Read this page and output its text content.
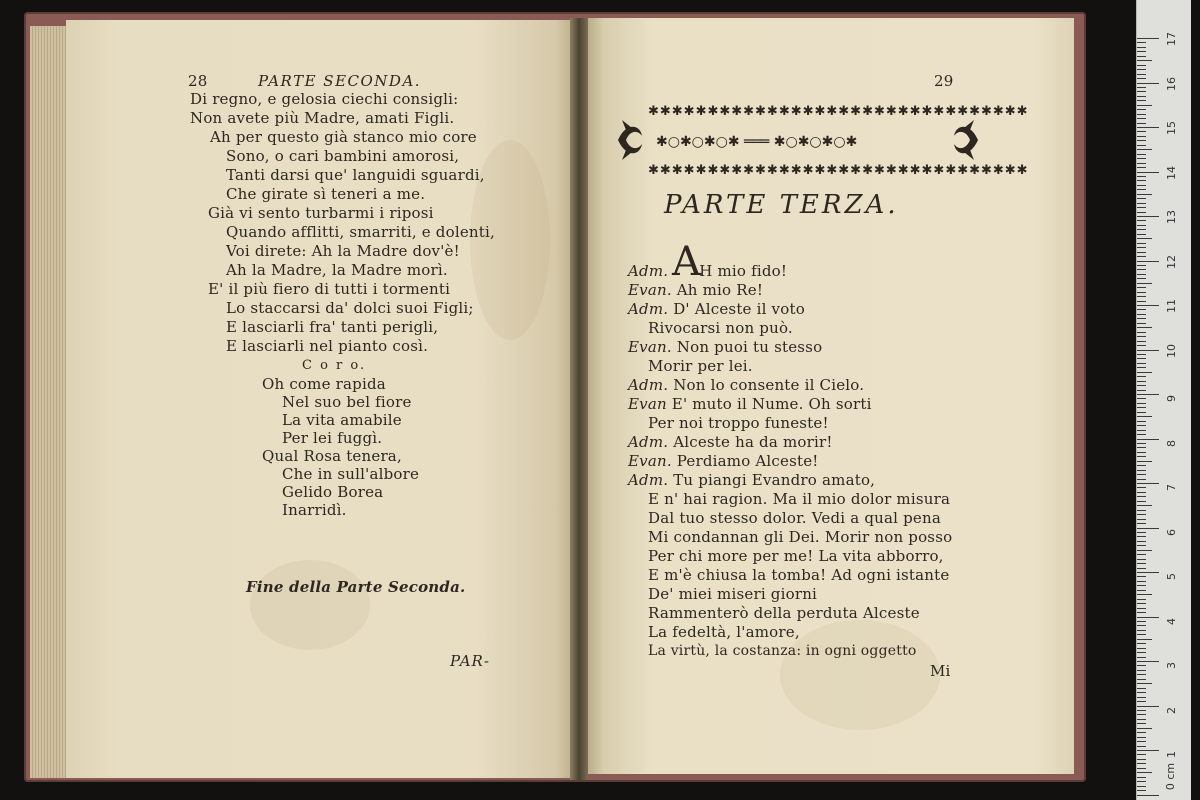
28	PARTE SECONDA.
Di regno, e gelosia ciechi consigli:
Non avete più Madre, amati Figli.
Ah per questo già stanco mio core
Sono, o cari bambini amorosi,
Tanti darsi que' languidi sguardi,
Che girate sì teneri a me.
Già vi sento turbarmi i riposi
Quando afflitti, smarriti, e dolenti,
Voi direte: Ah la Madre dov'è!
Ah la Madre, la Madre morì.
E' il più fiero di tutti i tormenti
Lo staccarsi da' dolci suoi Figli;
E lasciarli fra' tanti perigli,
E lasciarli nel pianto così.
C o r o.
Oh come rapida
Nel suo bel fiore
La vita amabile
Per lei fuggì.
Qual Rosa tenera,
Che in sull'albore
Gelido Borea
Inarridì.
Fine della Parte Seconda.
PAR-
29
✱✱✱✱✱✱✱✱✱✱✱✱✱✱✱✱✱✱✱✱✱✱✱✱✱✱✱✱✱✱✱✱
✱✱✱✱✱✱✱✱✱✱✱✱✱✱✱✱✱✱✱✱✱✱✱✱✱✱✱✱✱✱✱✱
✱○✱○✱○✱ ═══ ✱○✱○✱○✱
PARTE TERZA.
A
Adm. H mio fido!
Evan. Ah mio Re!
Adm. D' Alceste il voto
Rivocarsi non può.
Evan. Non puoi tu stesso
Morir per lei.
Adm. Non lo consente il Cielo.
Evan E' muto il Nume. Oh sorti
Per noi troppo funeste!
Adm. Alceste ha da morir!
Evan. Perdiamo Alceste!
Adm. Tu piangi Evandro amato,
E n' hai ragion. Ma il mio dolor misura
Dal tuo stesso dolor. Vedi a qual pena
Mi condannan gli Dei. Morir non posso
Per chi more per me! La vita abborro,
E m'è chiusa la tomba! Ad ogni istante
De' miei miseri giorni
Rammenterò della perduta Alceste
La fedeltà, l'amore,
La virtù, la costanza: in ogni oggetto
Mi
17
16
15
14
13
12
11
10
9
8
7
6
5
4
3
2
1
0 cm
